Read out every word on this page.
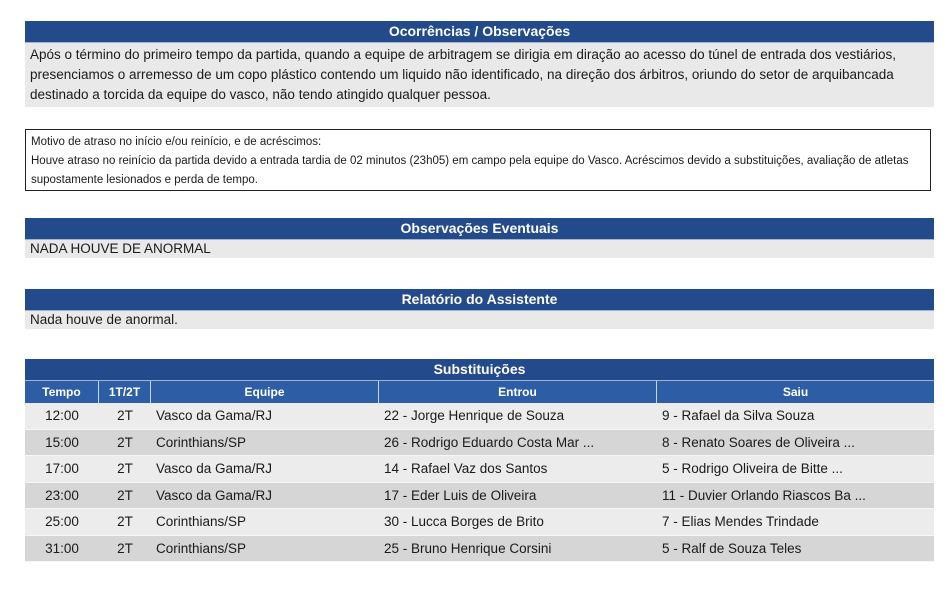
Ocorrências / Observações
Após o término do primeiro tempo da partida, quando a equipe de arbitragem se dirigia em diração ao acesso do túnel de entrada dos vestiários, presenciamos o arremesso de um copo plástico contendo um liquido não identificado, na direção dos árbitros, oriundo do setor de arquibancada destinado a torcida da equipe do vasco, não tendo atingido qualquer pessoa.
Motivo de atraso no início e/ou reinício, e de acréscimos:
Houve atraso no reinício da partida devido a entrada tardia de 02 minutos (23h05) em campo pela equipe do Vasco. Acréscimos devido a substituições, avaliação de atletas supostamente lesionados e perda de tempo.
Observações Eventuais
NADA HOUVE DE ANORMAL
Relatório do Assistente
Nada houve de anormal.
Substituições
Tempo	1T/2T	Equipe	Entrou	Saiu
12:00	2T	Vasco da Gama/RJ	22 - Jorge Henrique de Souza	9 - Rafael da Silva Souza
15:00	2T	Corinthians/SP	26 - Rodrigo Eduardo Costa Mar ...	8 - Renato Soares de Oliveira ...
17:00	2T	Vasco da Gama/RJ	14 - Rafael Vaz dos Santos	5 - Rodrigo Oliveira de Bitte ...
23:00	2T	Vasco da Gama/RJ	17 - Eder Luis de Oliveira	11 - Duvier Orlando Riascos Ba ...
25:00	2T	Corinthians/SP	30 - Lucca Borges de Brito	7 - Elias Mendes Trindade
31:00	2T	Corinthians/SP	25 - Bruno Henrique Corsini	5 - Ralf de Souza Teles
